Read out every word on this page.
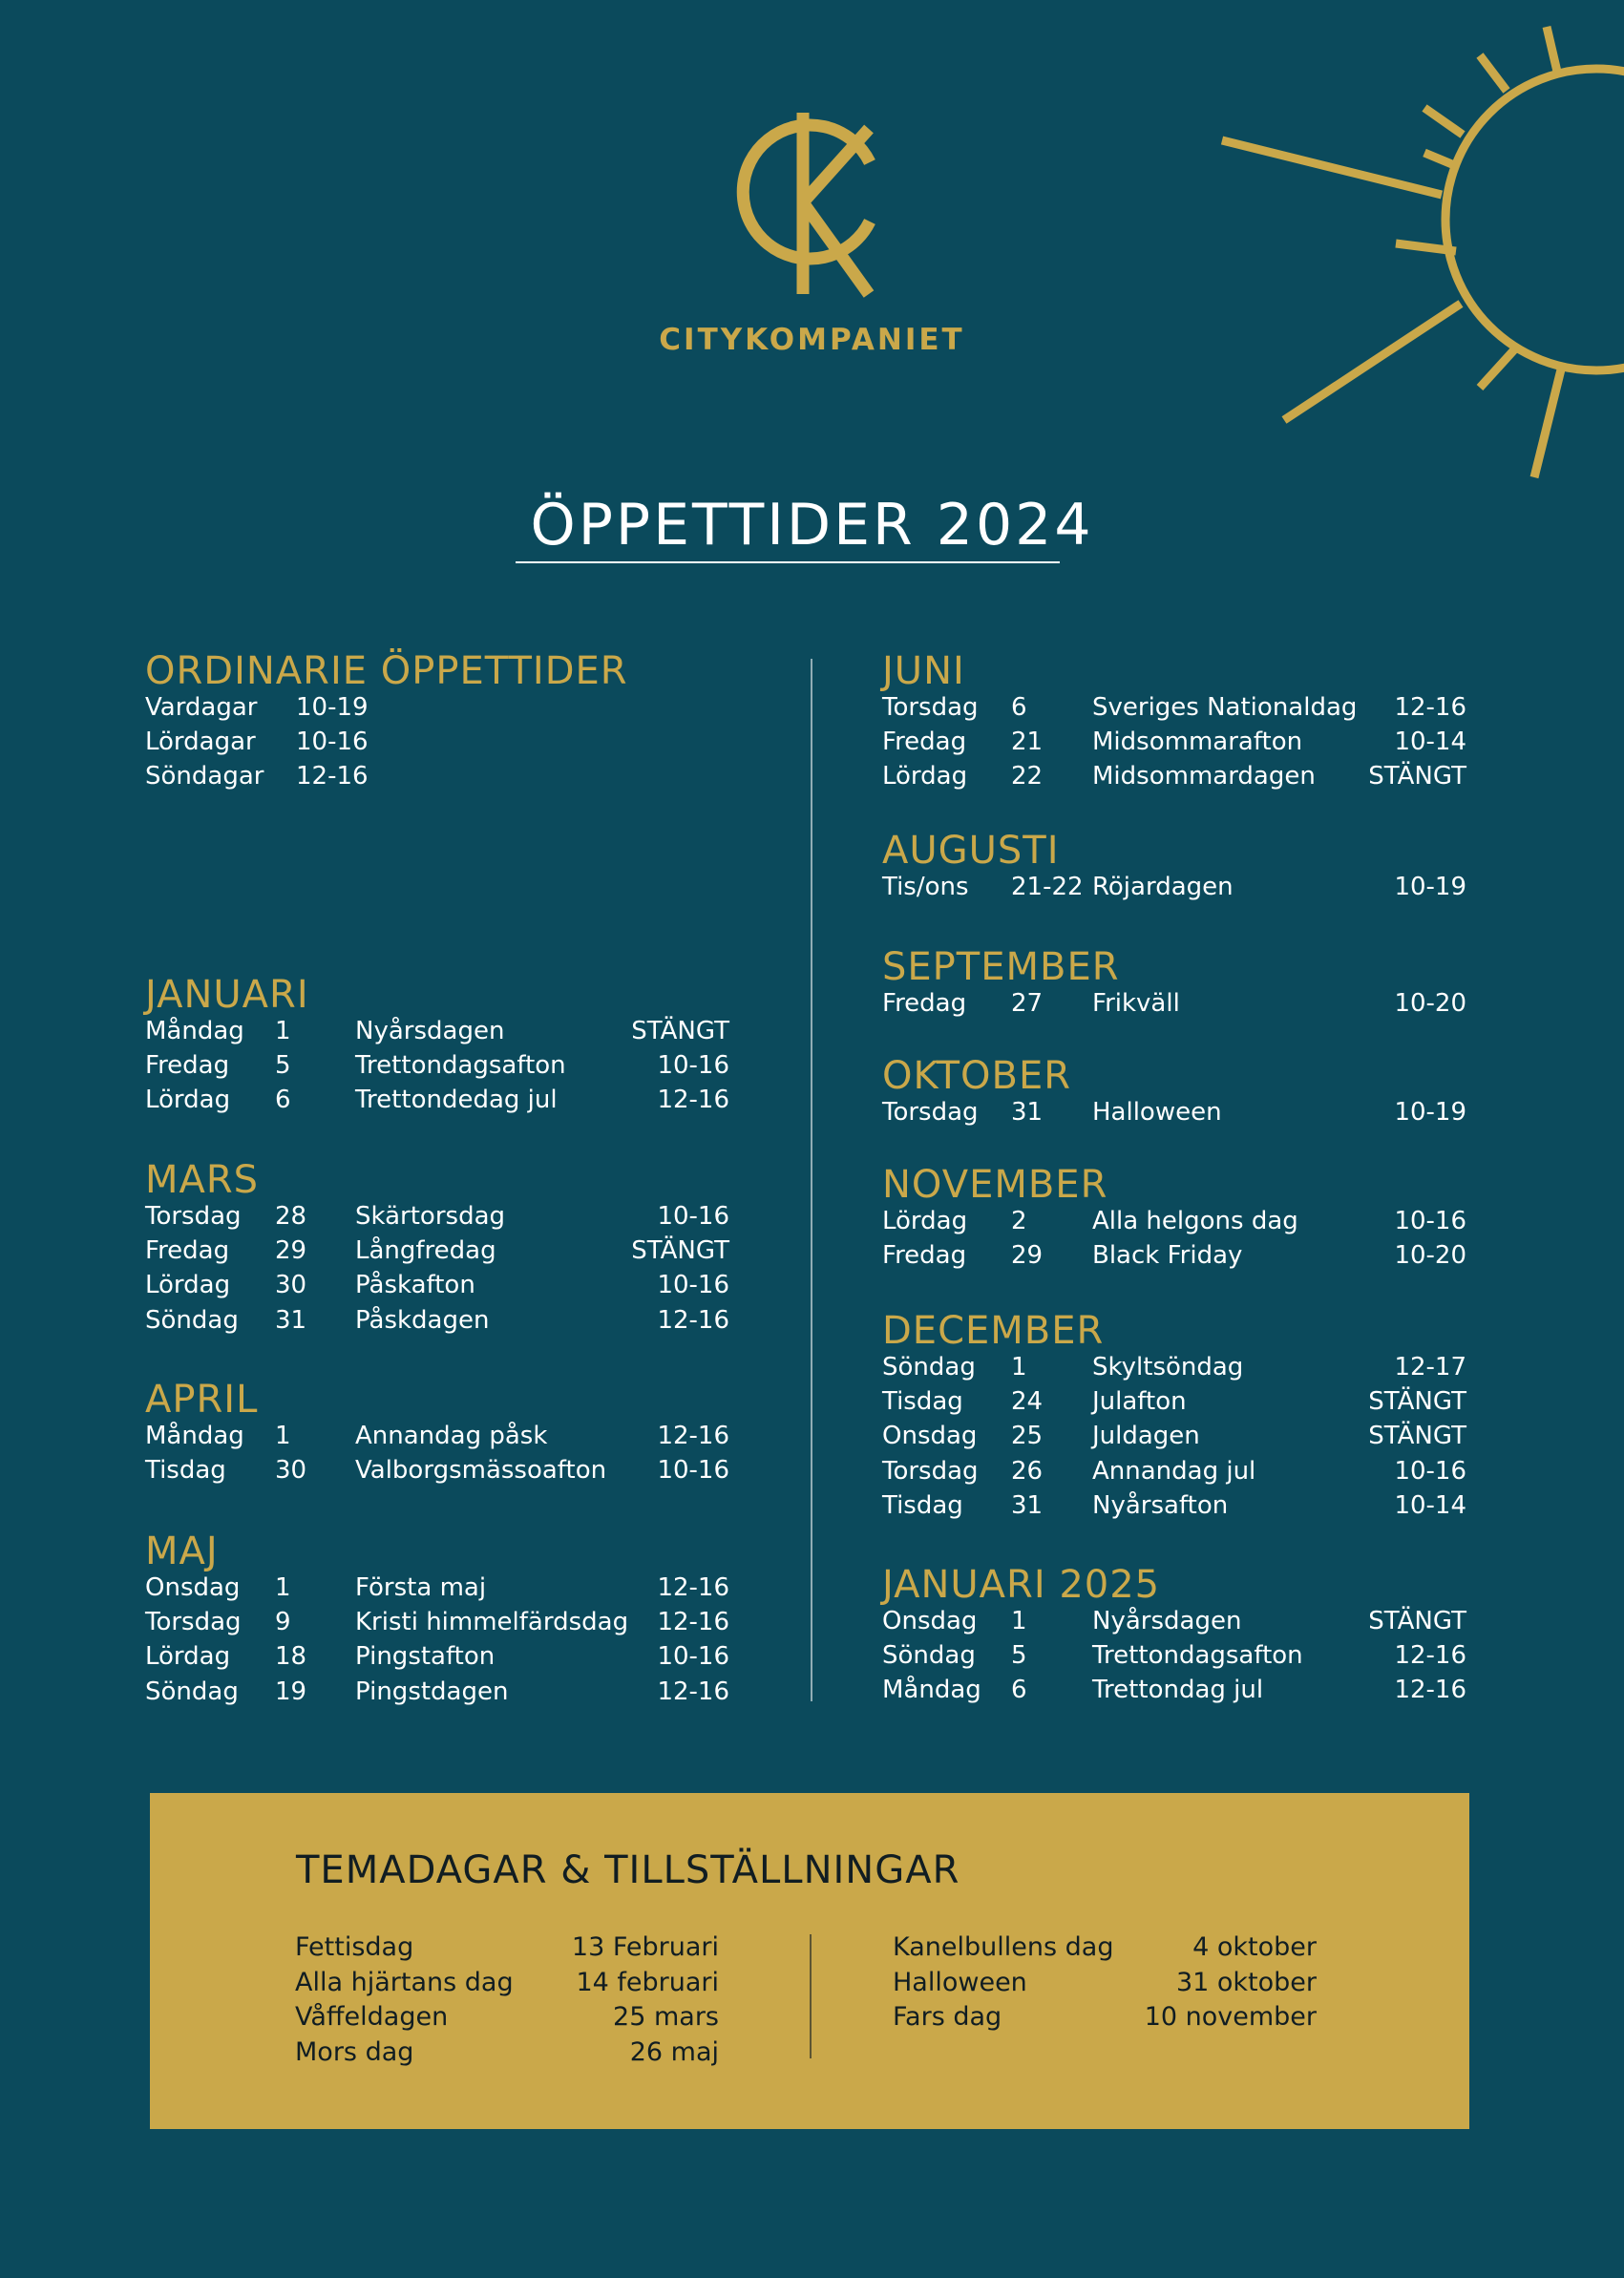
CITYKOMPANIET
ÖPPETTIDER 2024
ORDINARIE ÖPPETTIDER
Vardagar 10-19
Lördagar 10-16
Söndagar 12-16
JANUARI
Måndag 1	Nyårsdagen	STÄNGT
Fredag 5	Trettondagsafton	10-16
Lördag 6	Trettondedag jul	12-16
MARS
Torsdag 28 Skärtorsdag	10-16
Fredag 29 Långfredag	STÄNGT
Lördag 30 Påskafton	10-16
Söndag 31 Påskdagen	12-16
APRIL
Måndag 1	Annandag påsk	12-16
Tisdag 30 Valborgsmässoafton 10-16
MAJ
Onsdag 1	Första maj	12-16
Torsdag 9	Kristi himmelfärdsdag 12-16
Lördag 18 Pingstafton	10-16
Söndag 19 Pingstdagen	12-16
JUNI
Torsdag 6	Sveriges Nationaldag 12-16
Fredag 21 Midsommarafton	10-14
Lördag 22 Midsommardagen STÄNGT
AUGUSTI
Tis/ons 21-22 Röjardagen	10-19
SEPTEMBER
Fredag 27 Frikväll	10-20
OKTOBER
Torsdag 31 Halloween	10-19
NOVEMBER
Lördag 2	Alla helgons dag	10-16
Fredag 29 Black Friday	10-20
DECEMBER
Söndag 1	Skyltsöndag	12-17
Tisdag 24 Julafton	STÄNGT
Onsdag 25 Juldagen	STÄNGT
Torsdag 26 Annandag jul	10-16
Tisdag 31 Nyårsafton	10-14
JANUARI 2025
Onsdag 1	Nyårsdagen	STÄNGT
Söndag 5	Trettondagsafton	12-16
Måndag 6	Trettondag jul	12-16
TEMADAGAR & TILLSTÄLLNINGAR
Fettisdag	13 Februari
Alla hjärtans dag 14 februari
Våffeldagen	25 mars
Mors dag	26 maj
Kanelbullens dag	4 oktober
Halloween	31 oktober
Fars dag	10 november
